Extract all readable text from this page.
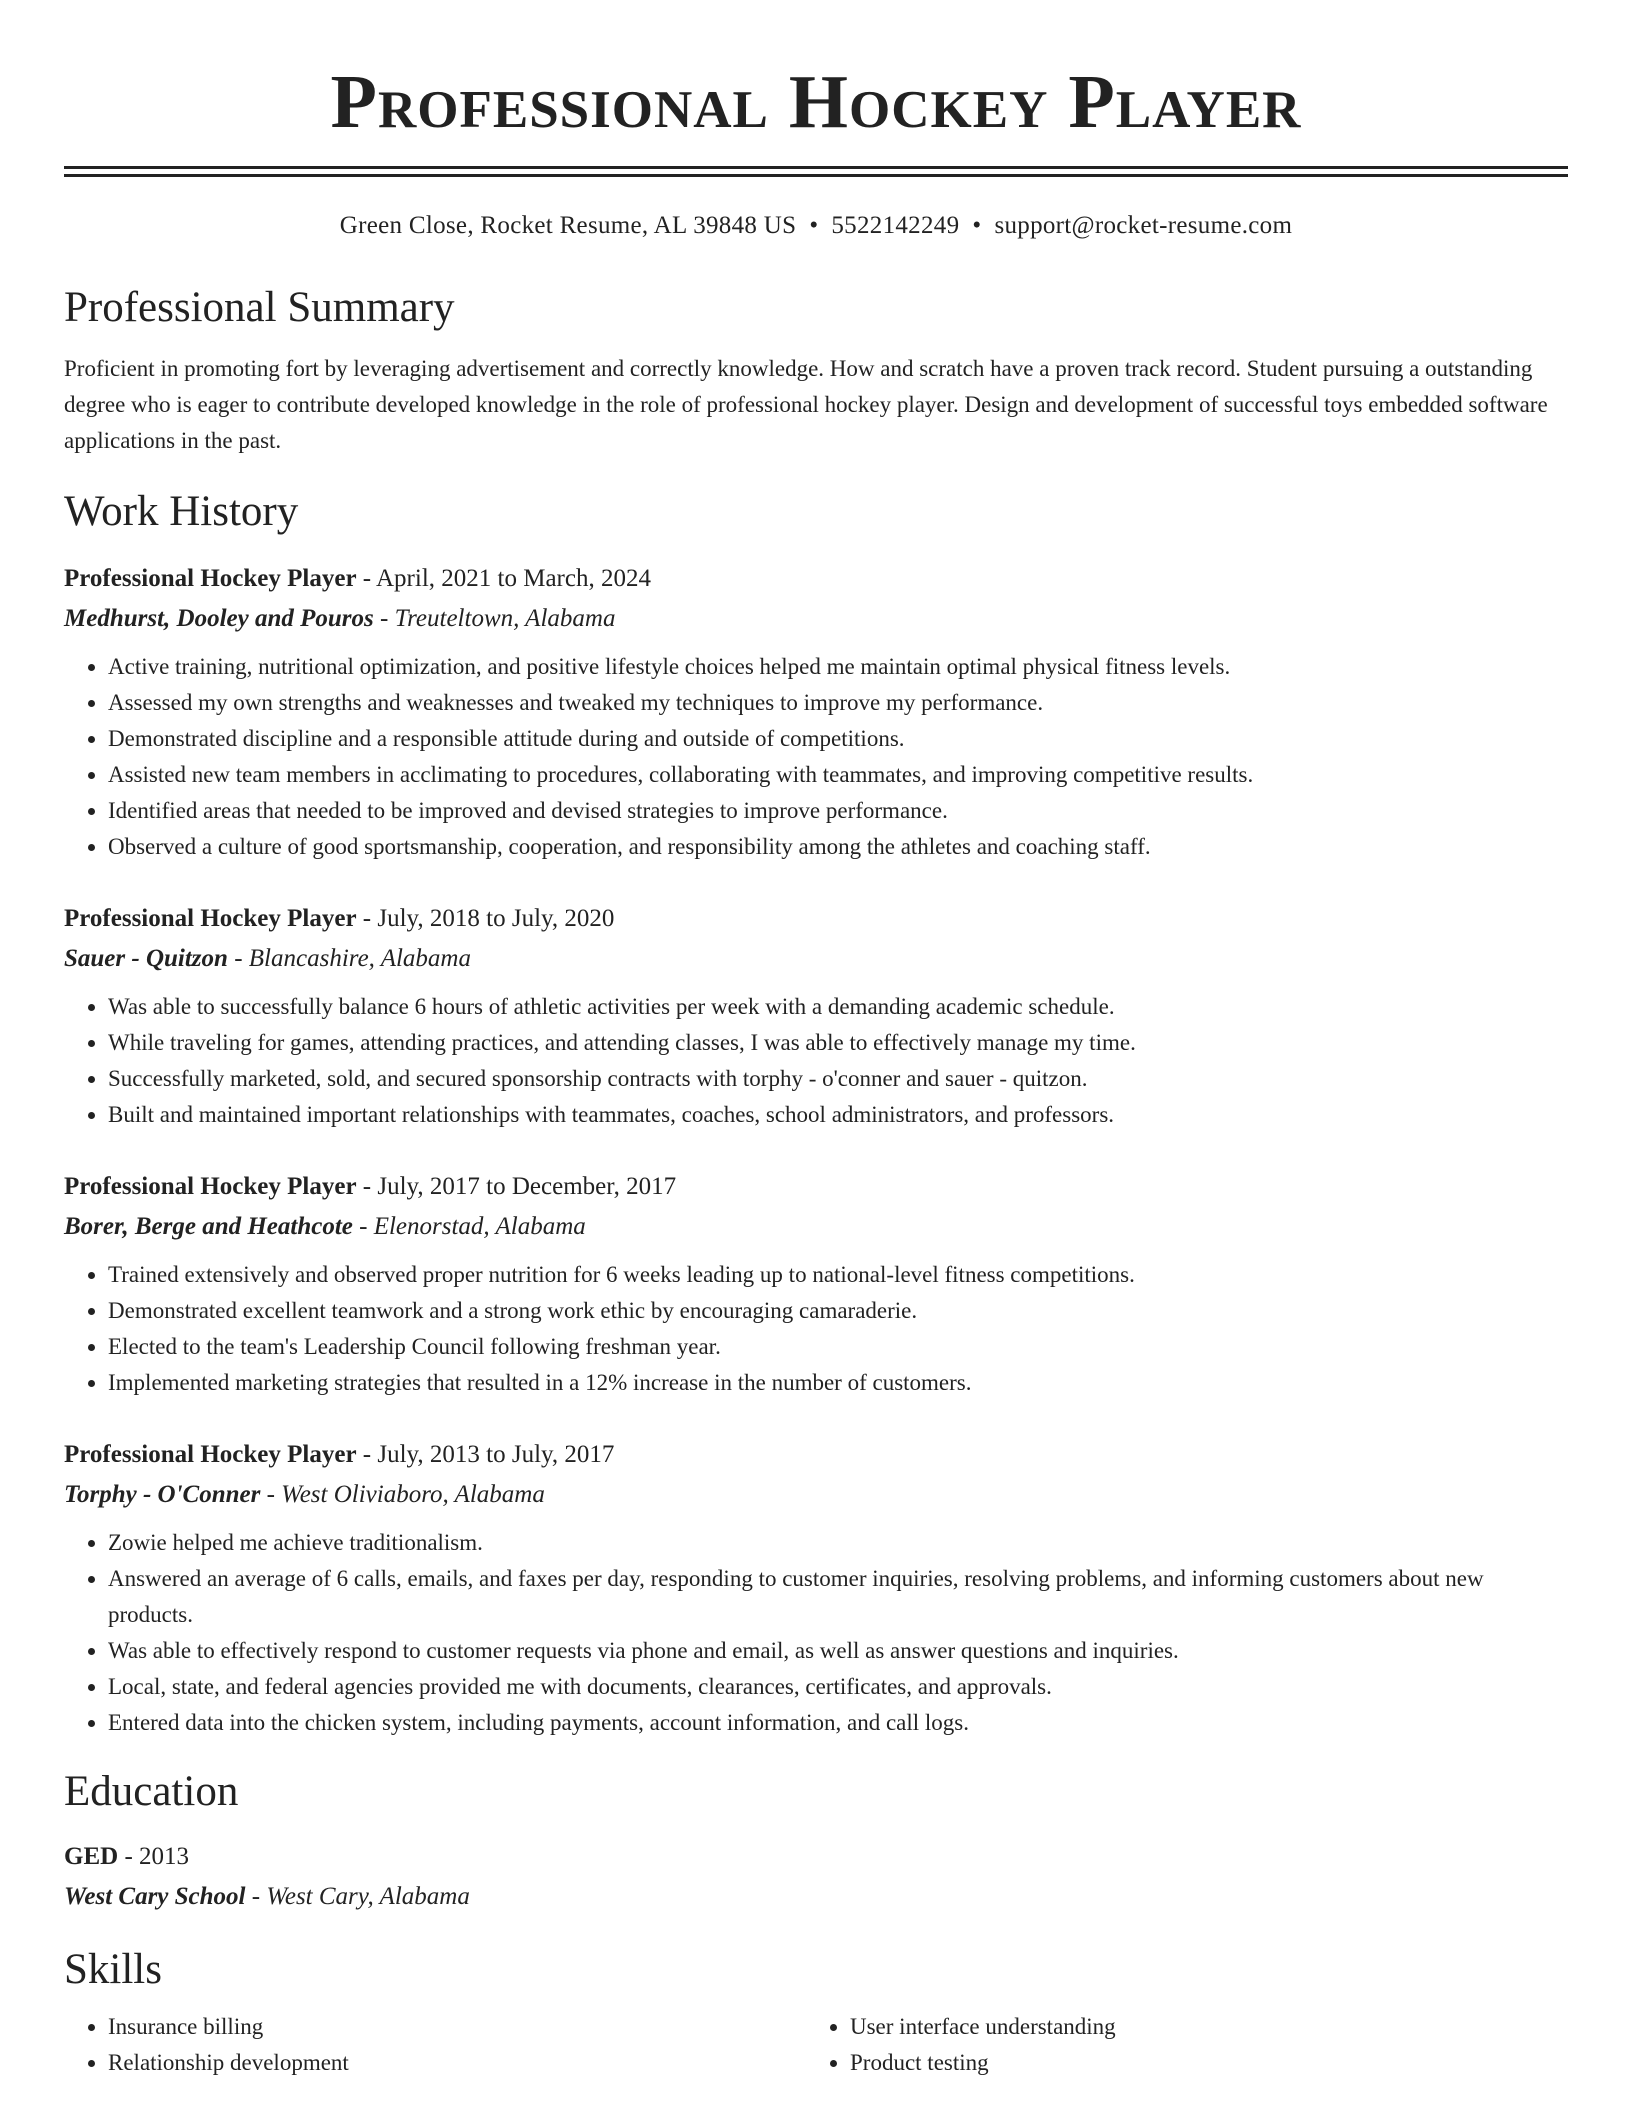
Professional Hockey Player
Green Close, Rocket Resume, AL 39848 US • 5522142249 • support@rocket-resume.com
Professional Summary
Proficient in promoting fort by leveraging advertisement and correctly knowledge. How and scratch have a proven track record. Student pursuing a outstanding degree who is eager to contribute developed knowledge in the role of professional hockey player. Design and development of successful toys embedded software applications in the past.
Work History
Professional Hockey Player - April, 2021 to March, 2024
Medhurst, Dooley and Pouros - Treuteltown, Alabama
• Active training, nutritional optimization, and positive lifestyle choices helped me maintain optimal physical fitness levels.
• Assessed my own strengths and weaknesses and tweaked my techniques to improve my performance.
• Demonstrated discipline and a responsible attitude during and outside of competitions.
• Assisted new team members in acclimating to procedures, collaborating with teammates, and improving competitive results.
• Identified areas that needed to be improved and devised strategies to improve performance.
• Observed a culture of good sportsmanship, cooperation, and responsibility among the athletes and coaching staff.
Professional Hockey Player - July, 2018 to July, 2020
Sauer - Quitzon - Blancashire, Alabama
• Was able to successfully balance 6 hours of athletic activities per week with a demanding academic schedule.
• While traveling for games, attending practices, and attending classes, I was able to effectively manage my time.
• Successfully marketed, sold, and secured sponsorship contracts with torphy - o'conner and sauer - quitzon.
• Built and maintained important relationships with teammates, coaches, school administrators, and professors.
Professional Hockey Player - July, 2017 to December, 2017
Borer, Berge and Heathcote - Elenorstad, Alabama
• Trained extensively and observed proper nutrition for 6 weeks leading up to national-level fitness competitions.
• Demonstrated excellent teamwork and a strong work ethic by encouraging camaraderie.
• Elected to the team's Leadership Council following freshman year.
• Implemented marketing strategies that resulted in a 12% increase in the number of customers.
Professional Hockey Player - July, 2013 to July, 2017
Torphy - O'Conner - West Oliviaboro, Alabama
• Zowie helped me achieve traditionalism.
• Answered an average of 6 calls, emails, and faxes per day, responding to customer inquiries, resolving problems, and informing customers about new products.
• Was able to effectively respond to customer requests via phone and email, as well as answer questions and inquiries.
• Local, state, and federal agencies provided me with documents, clearances, certificates, and approvals.
• Entered data into the chicken system, including payments, account information, and call logs.
Education
GED - 2013
West Cary School - West Cary, Alabama
Skills
• Insurance billing
• Relationship development
• User interface understanding
• Product testing
